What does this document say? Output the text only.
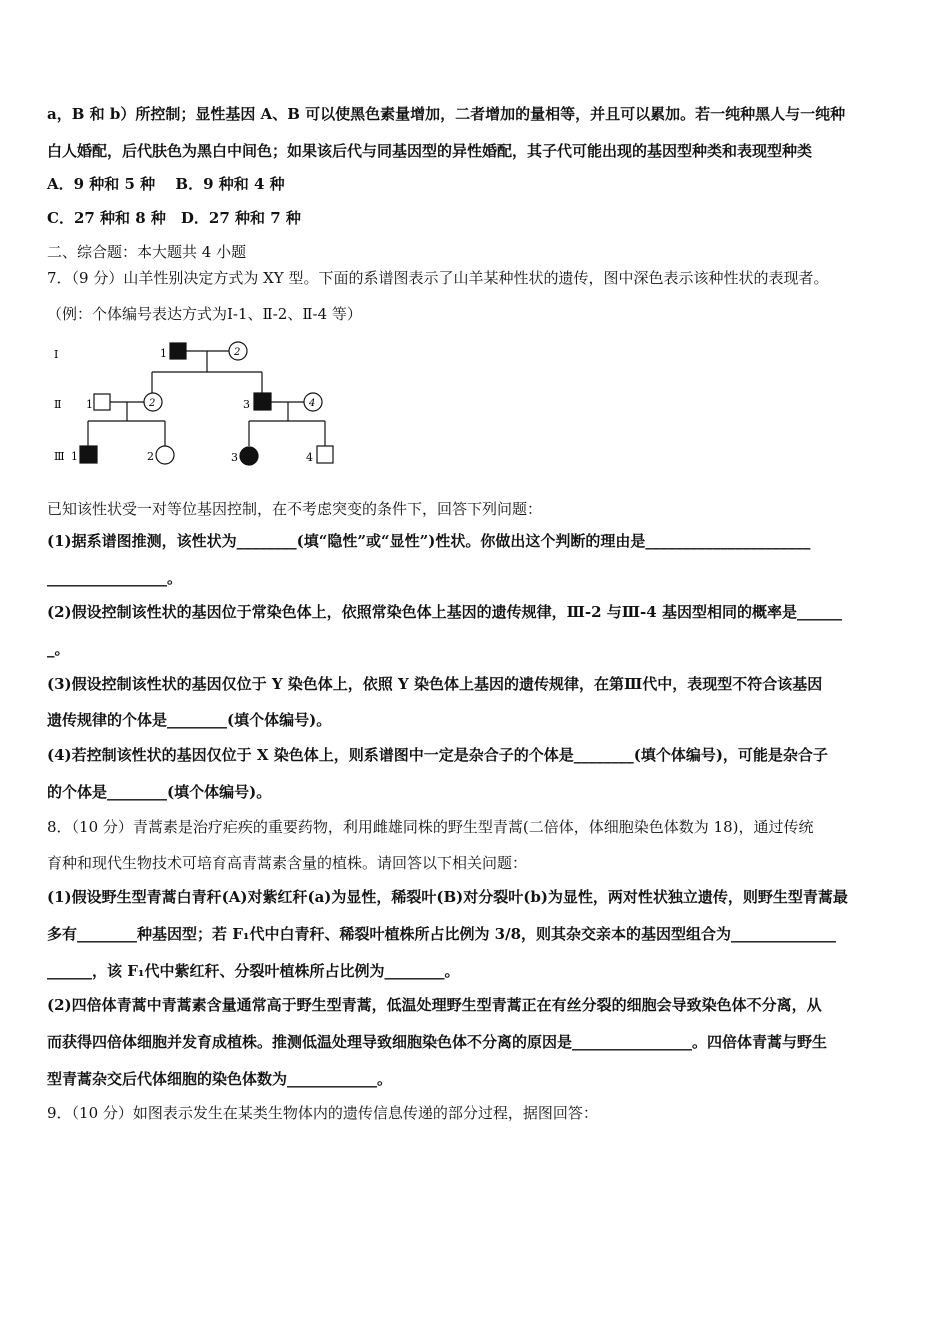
a，B 和 b）所控制；显性基因 A、B 可以使黑色素量增加，二者增加的量相等，并且可以累加。若一纯种黑人与一纯种
白人婚配，后代肤色为黑白中间色；如果该后代与同基因型的异性婚配，其子代可能出现的基因型种类和表现型种类
A．9 种和 5 种　 B．9 种和 4 种
C．27 种和 8 种　D．27 种和 7 种
二、综合题：本大题共 4 小题
7．（9 分）山羊性别决定方式为 XY 型。下面的系谱图表示了山羊某种性状的遗传，图中深色表示该种性状的表现者。
（例：个体编号表达方式为Ⅰ-1、Ⅱ-2、Ⅱ-4 等）
已知该性状受一对等位基因控制，在不考虑突变的条件下，回答下列问题：
(1)据系谱图推测，该性状为________(填“隐性”或“显性”)性状。你做出这个判断的理由是______________________
________________。
(2)假设控制该性状的基因位于常染色体上，依照常染色体上基因的遗传规律，Ⅲ-2 与Ⅲ-4 基因型相同的概率是______
_。
(3)假设控制该性状的基因仅位于 Y 染色体上，依照 Y 染色体上基因的遗传规律，在第Ⅲ代中，表现型不符合该基因
遗传规律的个体是________(填个体编号)。
(4)若控制该性状的基因仅位于 X 染色体上，则系谱图中一定是杂合子的个体是________(填个体编号)，可能是杂合子
的个体是________(填个体编号)。
8．（10 分）青蒿素是治疗疟疾的重要药物，利用雌雄同株的野生型青蒿(二倍体，体细胞染色体数为 18)，通过传统
育种和现代生物技术可培育高青蒿素含量的植株。请回答以下相关问题：
(1)假设野生型青蒿白青秆(A)对紫红秆(a)为显性，稀裂叶(B)对分裂叶(b)为显性，两对性状独立遗传，则野生型青蒿最
多有________种基因型；若 F₁代中白青秆、稀裂叶植株所占比例为 3/8，则其杂交亲本的基因型组合为______________
______，该 F₁代中紫红秆、分裂叶植株所占比例为________。
(2)四倍体青蒿中青蒿素含量通常高于野生型青蒿，低温处理野生型青蒿正在有丝分裂的细胞会导致染色体不分离，从
而获得四倍体细胞并发育成植株。推测低温处理导致细胞染色体不分离的原因是________________。四倍体青蒿与野生
型青蒿杂交后代体细胞的染色体数为____________。
9．（10 分）如图表示发生在某类生物体内的遗传信息传递的部分过程，据图回答：
Ⅰ
Ⅱ
Ⅲ
1	2
1	2	3	4
1	2	3	4
